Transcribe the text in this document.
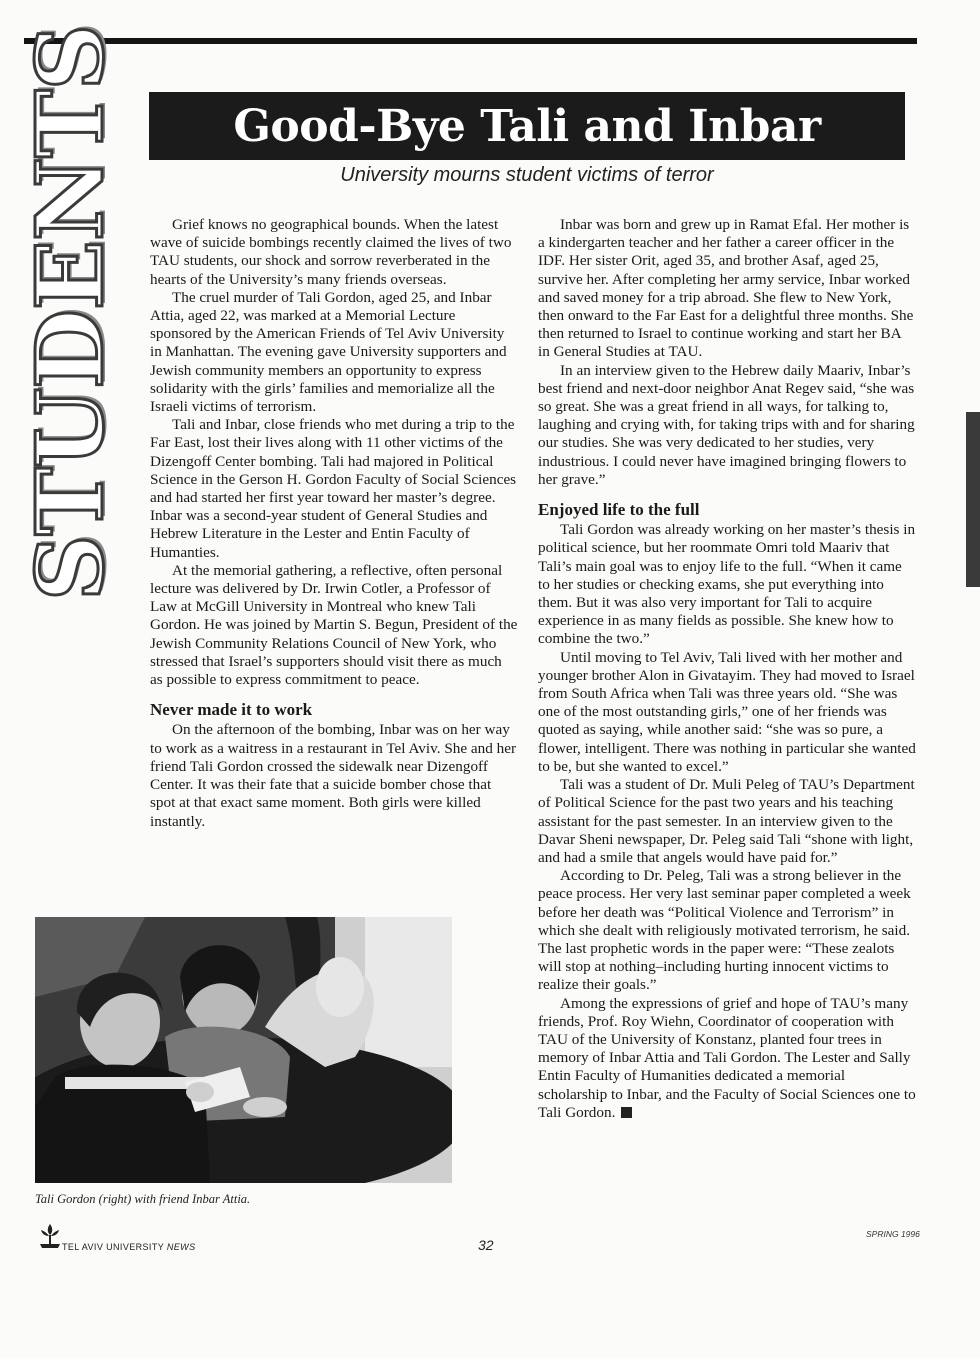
STUDENTS Good-Bye Tali and Inbar
University mourns student victims of terror

Grief knows no geographical bounds. When the latest wave of suicide bombings recently claimed the lives of two TAU students, our shock and sorrow reverberated in the hearts of the University’s many friends overseas.

The cruel murder of Tali Gordon, aged 25, and Inbar Attia, aged 22, was marked at a Memorial Lecture sponsored by the American Friends of Tel Aviv University in Manhattan. The evening gave University supporters and Jewish community members an opportunity to express solidarity with the girls’ families and memorialize all the Israeli victims of terrorism.

Tali and Inbar, close friends who met during a trip to the Far East, lost their lives along with 11 other victims of the Dizengoff Center bombing. Tali had majored in Political Science in the Gerson H. Gordon Faculty of Social Sciences and had started her first year toward her master’s degree. Inbar was a second-year student of General Studies and Hebrew Literature in the Lester and Entin Faculty of Humanties.

At the memorial gathering, a reflective, often personal lecture was delivered by Dr. Irwin Cotler, a Professor of Law at McGill University in Montreal who knew Tali Gordon. He was joined by Martin S. Begun, President of the Jewish Community Relations Council of New York, who stressed that Israel’s supporters should visit there as much as possible to express commitment to peace.

Never made it to work

On the afternoon of the bombing, Inbar was on her way to work as a waitress in a restaurant in Tel Aviv. She and her friend Tali Gordon crossed the sidewalk near Dizengoff Center. It was their fate that a suicide bomber chose that spot at that exact same moment. Both girls were killed instantly.

Inbar was born and grew up in Ramat Efal. Her mother is a kindergarten teacher and her father a career officer in the IDF. Her sister Orit, aged 35, and brother Asaf, aged 25, survive her. After completing her army service, Inbar worked and saved money for a trip abroad. She flew to New York, then onward to the Far East for a delightful three months. She then returned to Israel to continue working and start her BA in General Studies at TAU.

In an interview given to the Hebrew daily Maariv, Inbar’s best friend and next-door neighbor Anat Regev said, “she was so great. She was a great friend in all ways, for talking to, laughing and crying with, for taking trips with and for sharing our studies. She was very dedicated to her studies, very industrious. I could never have imagined bringing flowers to her grave.”

Enjoyed life to the full

Tali Gordon was already working on her master’s thesis in political science, but her roommate Omri told Maariv that Tali’s main goal was to enjoy life to the full. “When it came to her studies or checking exams, she put everything into them. But it was also very important for Tali to acquire experience in as many fields as possible. She knew how to combine the two.”

Until moving to Tel Aviv, Tali lived with her mother and younger brother Alon in Givatayim. They had moved to Israel from South Africa when Tali was three years old. “She was one of the most outstanding girls,” one of her friends was quoted as saying, while another said: “she was so pure, a flower, intelligent. There was nothing in particular she wanted to be, but she wanted to excel.”

Tali was a student of Dr. Muli Peleg of TAU’s Department of Political Science for the past two years and his teaching assistant for the past semester. In an interview given to the Davar Sheni newspaper, Dr. Peleg said Tali “shone with light, and had a smile that angels would have paid for.”

According to Dr. Peleg, Tali was a strong believer in the peace process. Her very last seminar paper completed a week before her death was “Political Violence and Terrorism” in which she dealt with religiously motivated terrorism, he said. The last prophetic words in the paper were: “These zealots will stop at nothing–including hurting innocent victims to realize their goals.”

Among the expressions of grief and hope of TAU’s many friends, Prof. Roy Wiehn, Coordinator of cooperation with TAU of the University of Konstanz, planted four trees in memory of Inbar Attia and Tali Gordon. The Lester and Sally Entin Faculty of Humanities dedicated a memorial scholarship to Inbar, and the Faculty of Social Sciences one to Tali Gordon.

Tali Gordon (right) with friend Inbar Attia.
TEL AVIV UNIVERSITY NEWS	32
SPRING 1996
